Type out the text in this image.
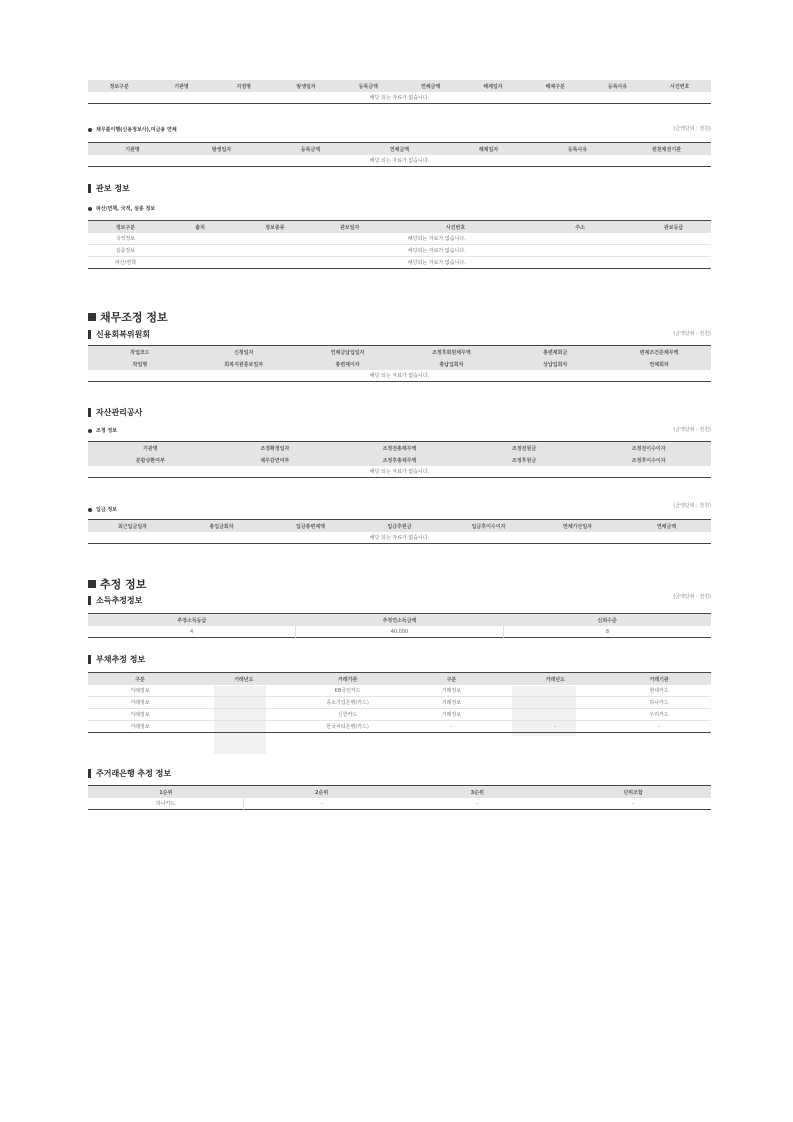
정보구분	기관명	지점명	발생일자	등록금액	연체금액	해제일자	해제구분	등록사유	사건번호
해당 되는 자료가 없습니다.
채무불이행(신용정보사),미금융 연체	(금액단위 : 천원)
기관명	발생일자	등록금액	연체금액	해제일자	등록사유	원천채권기관
해당 되는 자료가 없습니다.
관보 정보
파산/면책, 국적, 실종 정보
정보구분	출처	정보종류	관보일자	사건번호	주소	관보등급
국적정보	해당되는 자료가 없습니다.					
실종정보	해당되는 자료가 없습니다.					
파산/면책	해당되는 자료가 없습니다.					
채무조정 정보
신용회복위원회	(금액단위 : 천원)
작업코드	신청일자	연체금납입일자	조정후회원채무액	총변제회금	변제조건준채무액
작업명	회복지원통보일자	총변제이자	총납입회차	상납입회차	연체회차
해당 되는 자료가 없습니다.					
자산관리공사
조정 정보	(금액단위 : 천원)
기관명	조정확정일자	조정전총채무액	조정전원금	조정전이수이자
분할상환여부	채무감면여부	조정후총채무액	조정후원금	조정후이수이자
해당 되는 자료가 없습니다.				
입금 정보
(금액단위 : 천원)
최근입금일자	총입금회차	입금총변제액	입금후원금	입금후이수이자	연체가산일자	연체금액
해당 되는 자료가 없습니다.
추정 정보
소득추정정보	(금액단위 : 천원)
추정소득등급	추정연소득금액	신뢰수준
4	40,000	8
부채추정 정보
구분	거래년도	거래기관	구분	거래년도	거래기관
거래정보		KB국민카드	거래정보		현대카드
거래정보		중소기업은행(카드)	거래정보		하나카드
거래정보		신한카드	거래정보		우리카드
거래정보		한국씨티은행(카드)	-	-	-
주거래은행 추정 정보
1순위	2순위	3순위	단위조합
하나카드	-	-	-
